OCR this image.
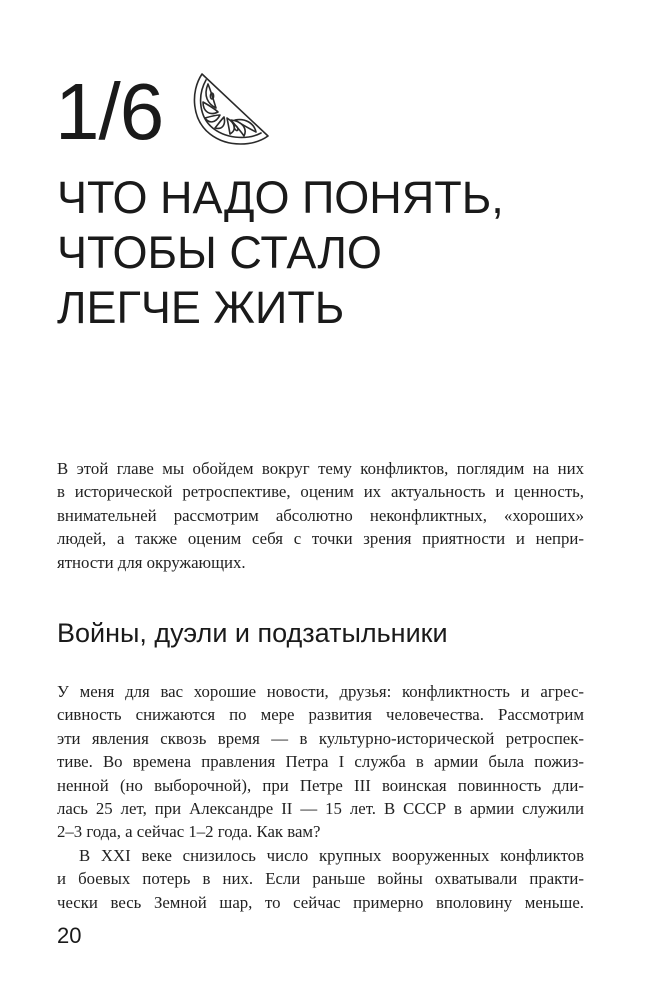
1/6
ЧТО НАДО ПОНЯТЬ,
ЧТОБЫ СТАЛО
ЛЕГЧЕ ЖИТЬ

В этой главе мы обойдем вокруг тему конфликтов, поглядим на них
в исторической ретроспективе, оценим их актуальность и ценность,
внимательней рассмотрим абсолютно неконфликтных, «хороших»
людей, а также оценим себя с точки зрения приятности и непри-
ятности для окружающих.

Войны, дуэли и подзатыльники
У меня для вас хорошие новости, друзья: конфликтность и агрес-
сивность снижаются по мере развития человечества. Рассмотрим
эти явления сквозь время — в культурно-исторической ретроспек-
тиве. Во времена правления Петра I служба в армии была пожиз-
ненной (но выборочной), при Петре III воинская повинность дли-
лась 25 лет, при Александре II — 15 лет. В СССР в армии служили
2–3 года, а сейчас 1–2 года. Как вам?
В XXI веке снизилось число крупных вооруженных конфликтов
и боевых потерь в них. Если раньше войны охватывали практи-
чески весь Земной шар, то сейчас примерно вполовину меньше.
20
